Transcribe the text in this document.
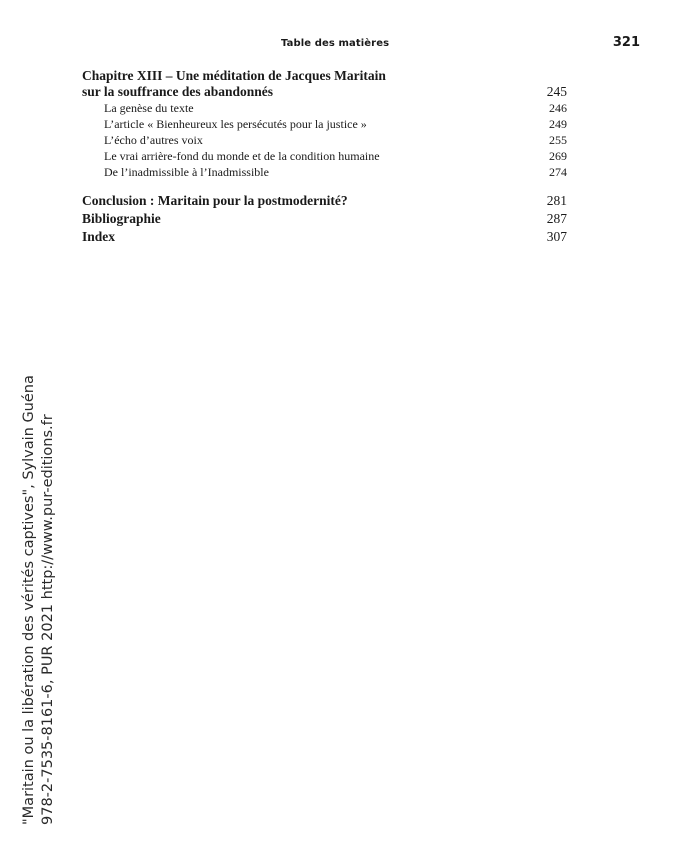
Table des matières	321
Chapitre XIII – Une méditation de Jacques Maritain
sur la souffrance des abandonnés	245
La genèse du texte	246
L’article « Bienheureux les persécutés pour la justice »	249
L’écho d’autres voix	255
Le vrai arrière-fond du monde et de la condition humaine	269
De l’inadmissible à l’Inadmissible	274
Conclusion : Maritain pour la postmodernité?	281
Bibliographie	287
Index	307
"Maritain ou la libération des vérités captives", Sylvain Guéna 978-2-7535-8161-6, PUR 2021 http://www.pur-editions.fr
